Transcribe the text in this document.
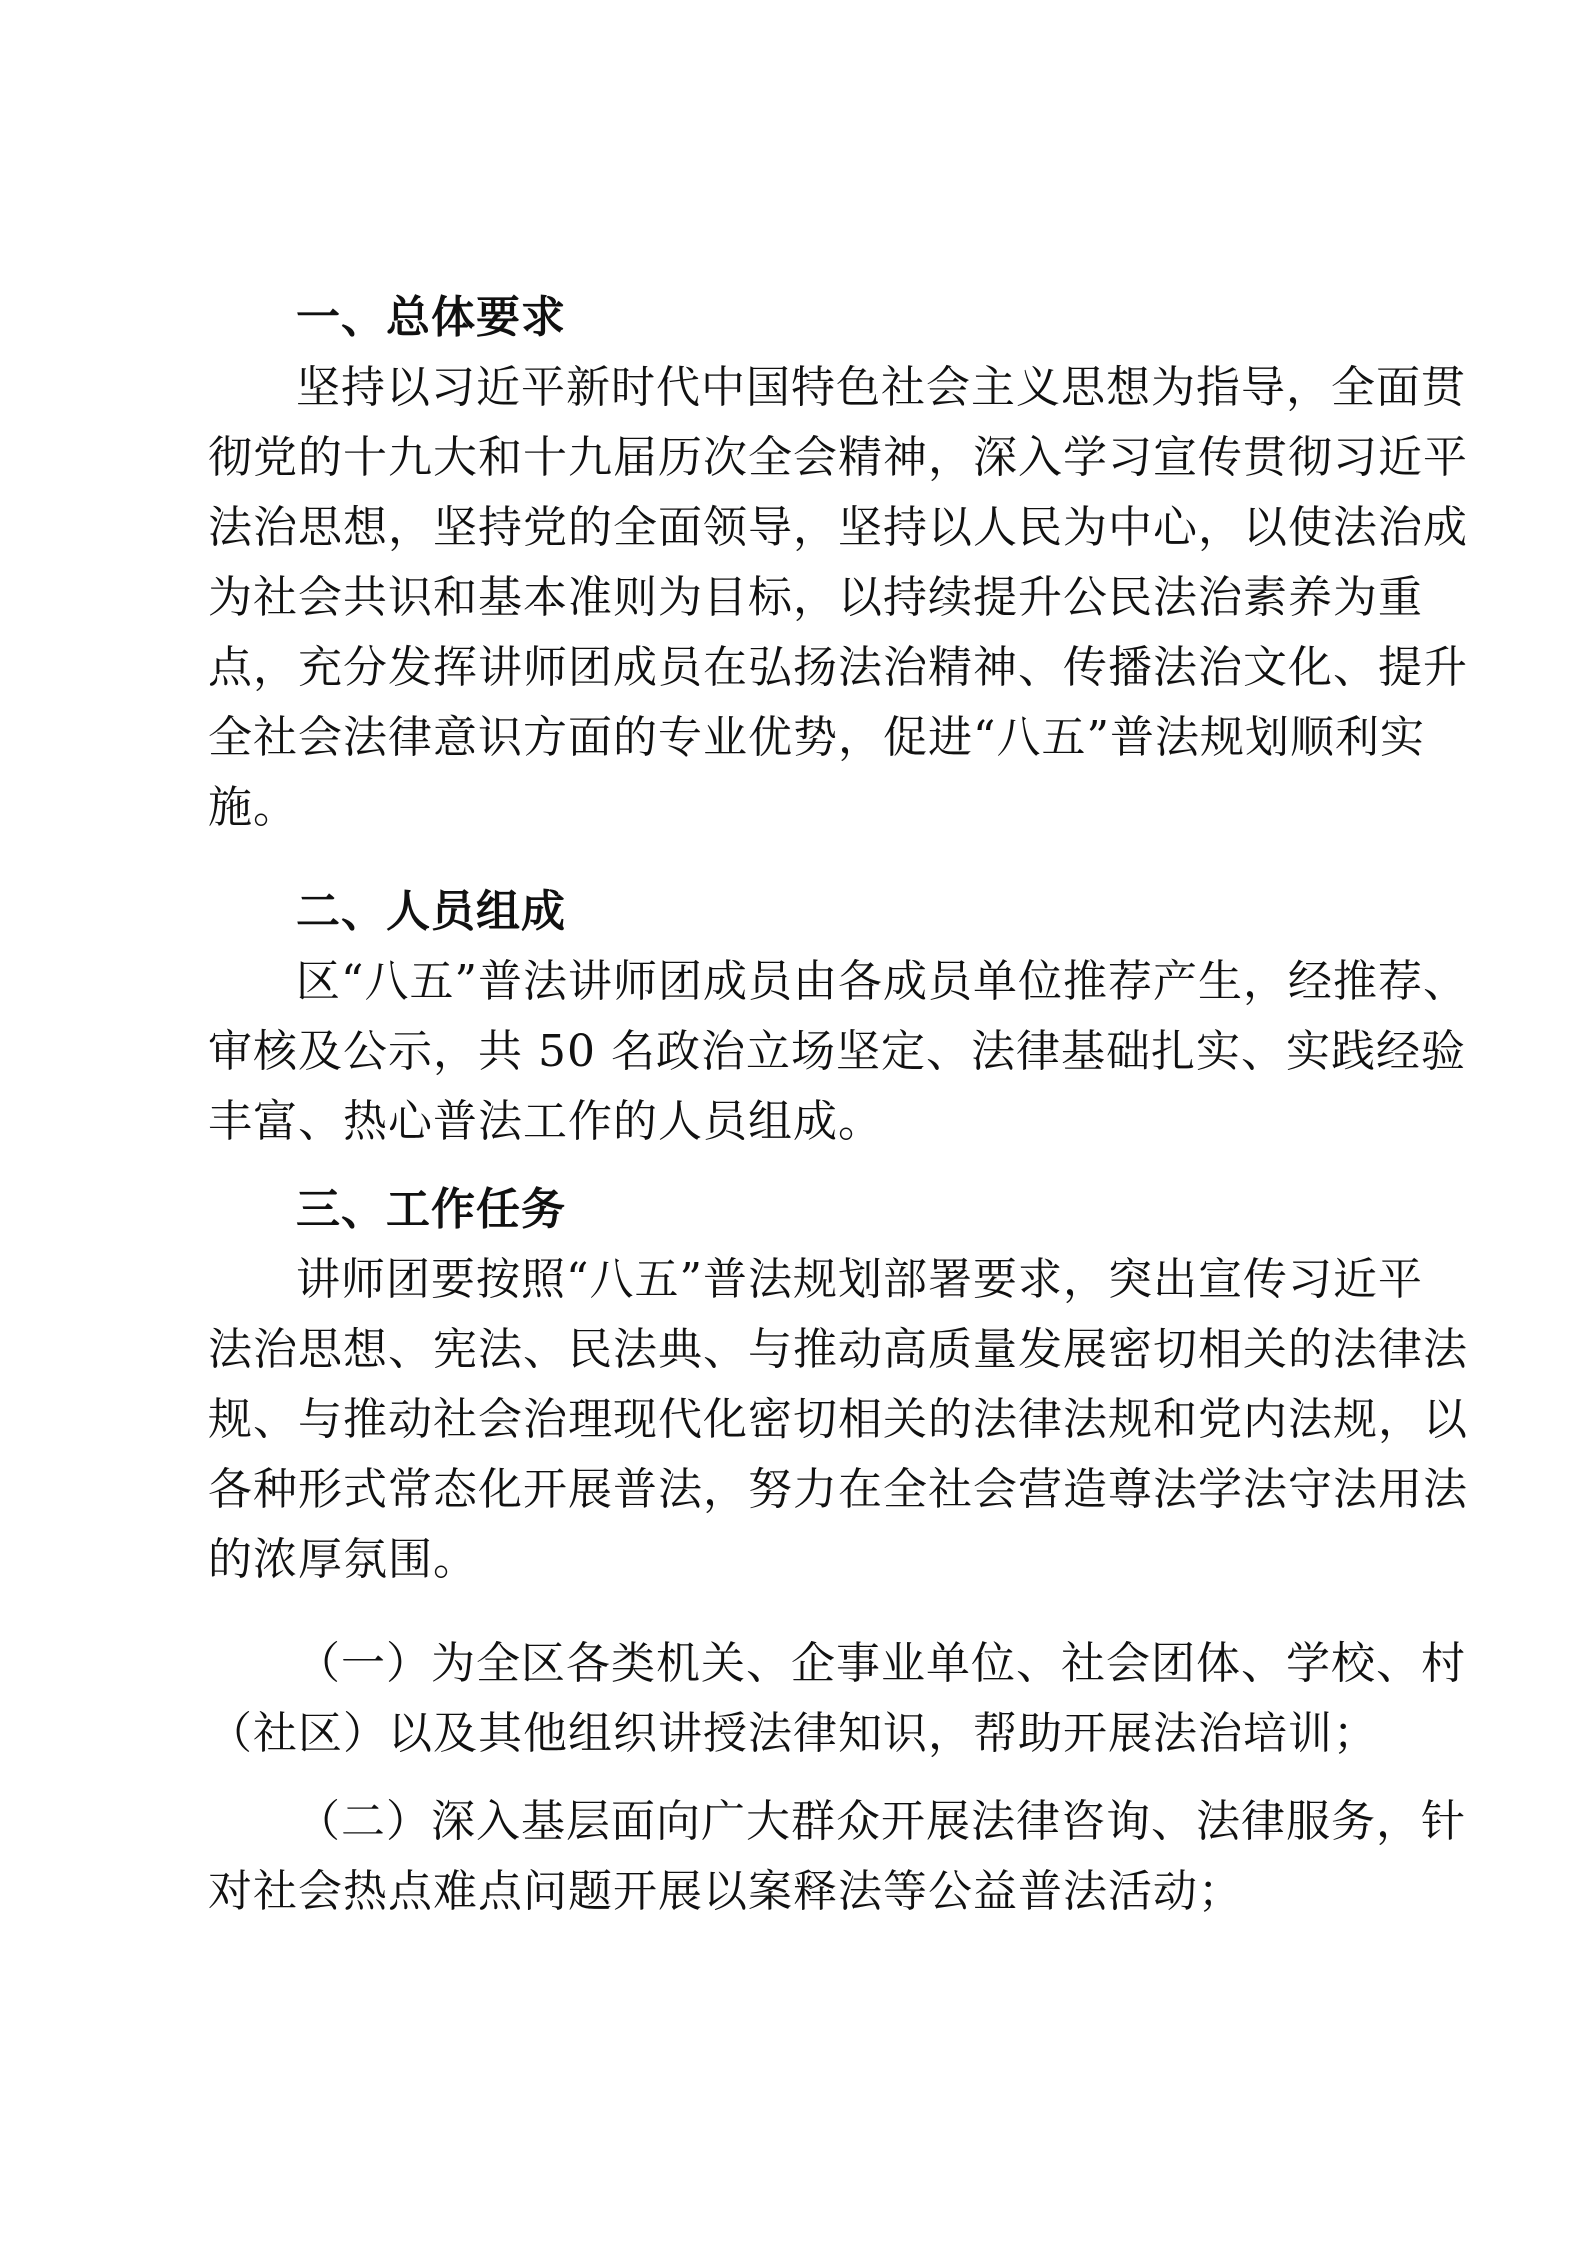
一、总体要求
坚持以习近平新时代中国特色社会主义思想为指导，全面贯
彻党的十九大和十九届历次全会精神，深入学习宣传贯彻习近平
法治思想，坚持党的全面领导，坚持以人民为中心，以使法治成
为社会共识和基本准则为目标，以持续提升公民法治素养为重
点，充分发挥讲师团成员在弘扬法治精神、传播法治文化、提升
全社会法律意识方面的专业优势，促进“八五”普法规划顺利实
施。
二、人员组成
区“八五”普法讲师团成员由各成员单位推荐产生，经推荐、
审核及公示，共 50 名政治立场坚定、法律基础扎实、实践经验
丰富、热心普法工作的人员组成。
三、工作任务
讲师团要按照“八五”普法规划部署要求，突出宣传习近平
法治思想、宪法、民法典、与推动高质量发展密切相关的法律法
规、与推动社会治理现代化密切相关的法律法规和党内法规，以
各种形式常态化开展普法，努力在全社会营造尊法学法守法用法
的浓厚氛围。
（一）为全区各类机关、企事业单位、社会团体、学校、村
（社区）以及其他组织讲授法律知识，帮助开展法治培训；
（二）深入基层面向广大群众开展法律咨询、法律服务，针
对社会热点难点问题开展以案释法等公益普法活动；
